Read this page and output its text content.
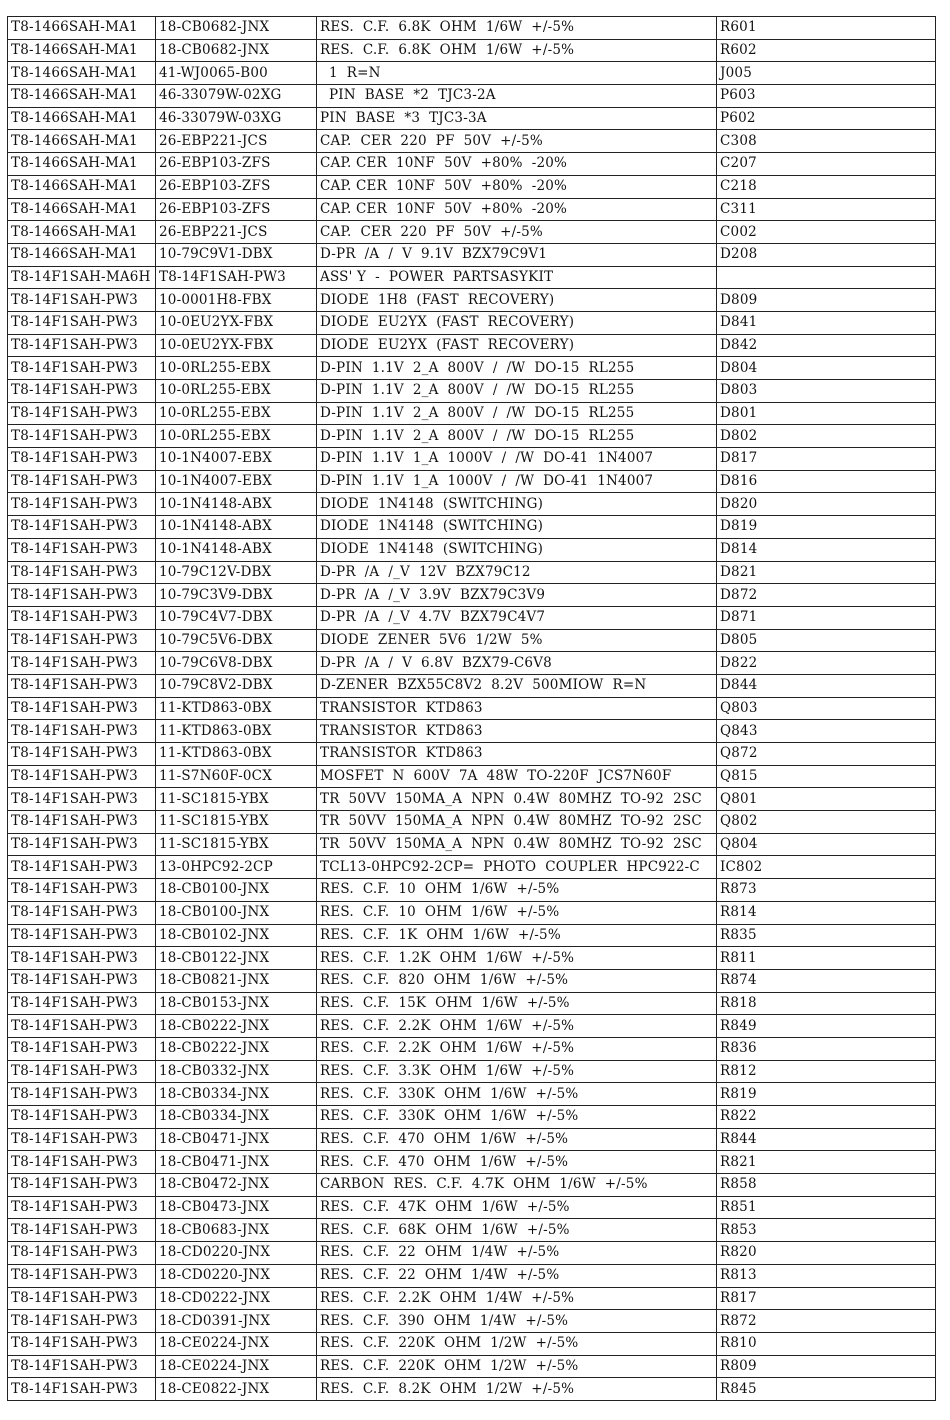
T8-1466SAH-MA1	18-CB0682-JNX	RES.  C.F.  6.8K  OHM  1/6W  +/-5%	R601
T8-1466SAH-MA1	18-CB0682-JNX	RES.  C.F.  6.8K  OHM  1/6W  +/-5%	R602
T8-1466SAH-MA1	41-WJ0065-B00	1  R=N	J005
T8-1466SAH-MA1	46-33079W-02XG	PIN  BASE  *2  TJC3-2A	P603
T8-1466SAH-MA1	46-33079W-03XG	PIN  BASE  *3  TJC3-3A	P602
T8-1466SAH-MA1	26-EBP221-JCS	CAP.  CER  220  PF  50V  +/-5%	C308
T8-1466SAH-MA1	26-EBP103-ZFS	CAP. CER  10NF  50V  +80%  -20%	C207
T8-1466SAH-MA1	26-EBP103-ZFS	CAP. CER  10NF  50V  +80%  -20%	C218
T8-1466SAH-MA1	26-EBP103-ZFS	CAP. CER  10NF  50V  +80%  -20%	C311
T8-1466SAH-MA1	26-EBP221-JCS	CAP.  CER  220  PF  50V  +/-5%	C002
T8-1466SAH-MA1	10-79C9V1-DBX	D-PR  /A  /  V  9.1V  BZX79C9V1	D208
T8-14F1SAH-MA6H	T8-14F1SAH-PW3	ASS' Y  -  POWER  PARTSASYKIT	
T8-14F1SAH-PW3	10-0001H8-FBX	DIODE  1H8  (FAST  RECOVERY)	D809
T8-14F1SAH-PW3	10-0EU2YX-FBX	DIODE  EU2YX  (FAST  RECOVERY)	D841
T8-14F1SAH-PW3	10-0EU2YX-FBX	DIODE  EU2YX  (FAST  RECOVERY)	D842
T8-14F1SAH-PW3	10-0RL255-EBX	D-PIN  1.1V  2_A  800V  /  /W  DO-15  RL255	D804
T8-14F1SAH-PW3	10-0RL255-EBX	D-PIN  1.1V  2_A  800V  /  /W  DO-15  RL255	D803
T8-14F1SAH-PW3	10-0RL255-EBX	D-PIN  1.1V  2_A  800V  /  /W  DO-15  RL255	D801
T8-14F1SAH-PW3	10-0RL255-EBX	D-PIN  1.1V  2_A  800V  /  /W  DO-15  RL255	D802
T8-14F1SAH-PW3	10-1N4007-EBX	D-PIN  1.1V  1_A  1000V  /  /W  DO-41  1N4007	D817
T8-14F1SAH-PW3	10-1N4007-EBX	D-PIN  1.1V  1_A  1000V  /  /W  DO-41  1N4007	D816
T8-14F1SAH-PW3	10-1N4148-ABX	DIODE  1N4148  (SWITCHING)	D820
T8-14F1SAH-PW3	10-1N4148-ABX	DIODE  1N4148  (SWITCHING)	D819
T8-14F1SAH-PW3	10-1N4148-ABX	DIODE  1N4148  (SWITCHING)	D814
T8-14F1SAH-PW3	10-79C12V-DBX	D-PR  /A  /_V  12V  BZX79C12	D821
T8-14F1SAH-PW3	10-79C3V9-DBX	D-PR  /A  /_V  3.9V  BZX79C3V9	D872
T8-14F1SAH-PW3	10-79C4V7-DBX	D-PR  /A  /_V  4.7V  BZX79C4V7	D871
T8-14F1SAH-PW3	10-79C5V6-DBX	DIODE  ZENER  5V6  1/2W  5%	D805
T8-14F1SAH-PW3	10-79C6V8-DBX	D-PR  /A  /  V  6.8V  BZX79-C6V8	D822
T8-14F1SAH-PW3	10-79C8V2-DBX	D-ZENER  BZX55C8V2  8.2V  500MIOW  R=N	D844
T8-14F1SAH-PW3	11-KTD863-0BX	TRANSISTOR  KTD863	Q803
T8-14F1SAH-PW3	11-KTD863-0BX	TRANSISTOR  KTD863	Q843
T8-14F1SAH-PW3	11-KTD863-0BX	TRANSISTOR  KTD863	Q872
T8-14F1SAH-PW3	11-S7N60F-0CX	MOSFET  N  600V  7A  48W  TO-220F  JCS7N60F	Q815
T8-14F1SAH-PW3	11-SC1815-YBX	TR  50VV  150MA_A  NPN  0.4W  80MHZ  TO-92  2SC	Q801
T8-14F1SAH-PW3	11-SC1815-YBX	TR  50VV  150MA_A  NPN  0.4W  80MHZ  TO-92  2SC	Q802
T8-14F1SAH-PW3	11-SC1815-YBX	TR  50VV  150MA_A  NPN  0.4W  80MHZ  TO-92  2SC	Q804
T8-14F1SAH-PW3	13-0HPC92-2CP	TCL13-0HPC92-2CP=  PHOTO  COUPLER  HPC922-C	IC802
T8-14F1SAH-PW3	18-CB0100-JNX	RES.  C.F.  10  OHM  1/6W  +/-5%	R873
T8-14F1SAH-PW3	18-CB0100-JNX	RES.  C.F.  10  OHM  1/6W  +/-5%	R814
T8-14F1SAH-PW3	18-CB0102-JNX	RES.  C.F.  1K  OHM  1/6W  +/-5%	R835
T8-14F1SAH-PW3	18-CB0122-JNX	RES.  C.F.  1.2K  OHM  1/6W  +/-5%	R811
T8-14F1SAH-PW3	18-CB0821-JNX	RES.  C.F.  820  OHM  1/6W  +/-5%	R874
T8-14F1SAH-PW3	18-CB0153-JNX	RES.  C.F.  15K  OHM  1/6W  +/-5%	R818
T8-14F1SAH-PW3	18-CB0222-JNX	RES.  C.F.  2.2K  OHM  1/6W  +/-5%	R849
T8-14F1SAH-PW3	18-CB0222-JNX	RES.  C.F.  2.2K  OHM  1/6W  +/-5%	R836
T8-14F1SAH-PW3	18-CB0332-JNX	RES.  C.F.  3.3K  OHM  1/6W  +/-5%	R812
T8-14F1SAH-PW3	18-CB0334-JNX	RES.  C.F.  330K  OHM  1/6W  +/-5%	R819
T8-14F1SAH-PW3	18-CB0334-JNX	RES.  C.F.  330K  OHM  1/6W  +/-5%	R822
T8-14F1SAH-PW3	18-CB0471-JNX	RES.  C.F.  470  OHM  1/6W  +/-5%	R844
T8-14F1SAH-PW3	18-CB0471-JNX	RES.  C.F.  470  OHM  1/6W  +/-5%	R821
T8-14F1SAH-PW3	18-CB0472-JNX	CARBON  RES.  C.F.  4.7K  OHM  1/6W  +/-5%	R858
T8-14F1SAH-PW3	18-CB0473-JNX	RES.  C.F.  47K  OHM  1/6W  +/-5%	R851
T8-14F1SAH-PW3	18-CB0683-JNX	RES.  C.F.  68K  OHM  1/6W  +/-5%	R853
T8-14F1SAH-PW3	18-CD0220-JNX	RES.  C.F.  22  OHM  1/4W  +/-5%	R820
T8-14F1SAH-PW3	18-CD0220-JNX	RES.  C.F.  22  OHM  1/4W  +/-5%	R813
T8-14F1SAH-PW3	18-CD0222-JNX	RES.  C.F.  2.2K  OHM  1/4W  +/-5%	R817
T8-14F1SAH-PW3	18-CD0391-JNX	RES.  C.F.  390  OHM  1/4W  +/-5%	R872
T8-14F1SAH-PW3	18-CE0224-JNX	RES.  C.F.  220K  OHM  1/2W  +/-5%	R810
T8-14F1SAH-PW3	18-CE0224-JNX	RES.  C.F.  220K  OHM  1/2W  +/-5%	R809
T8-14F1SAH-PW3	18-CE0822-JNX	RES.  C.F.  8.2K  OHM  1/2W  +/-5%	R845
